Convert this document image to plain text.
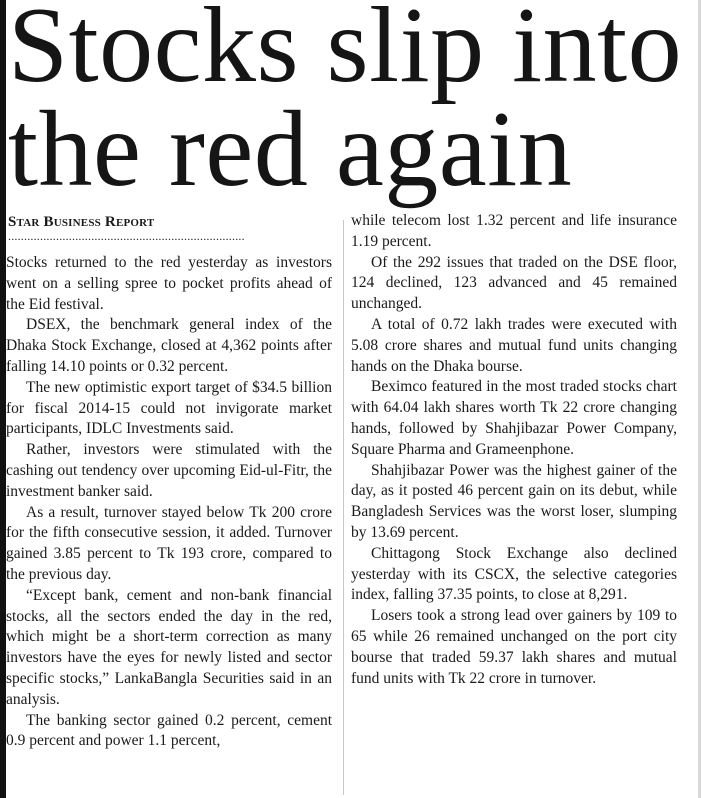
Stocks slip into
the red again
Star Business Report
..........................................................................

Stocks returned to the red yesterday as investors went on a selling spree to pocket profits ahead of the Eid festival.

DSEX, the benchmark general index of the Dhaka Stock Exchange, closed at 4,362 points after falling 14.10 points or 0.32 percent.

The new optimistic export target of $34.5 billion for fiscal 2014-15 could not invigorate market participants, IDLC Investments said.

Rather, investors were stimulated with the cashing out tendency over upcoming Eid-ul-Fitr, the investment banker said.

As a result, turnover stayed below Tk 200 crore for the fifth consecutive session, it added. Turnover gained 3.85 percent to Tk 193 crore, compared to the previous day.

“Except bank, cement and non-bank financial stocks, all the sectors ended the day in the red, which might be a short-term correction as many investors have the eyes for newly listed and sector specific stocks,” LankaBangla Securities said in an analysis.

The banking sector gained 0.2 percent, cement 0.9 percent and power 1.1 percent,

while telecom lost 1.32 percent and life insurance 1.19 percent.

Of the 292 issues that traded on the DSE floor, 124 declined, 123 advanced and 45 remained unchanged.

A total of 0.72 lakh trades were executed with 5.08 crore shares and mutual fund units changing hands on the Dhaka bourse.

Beximco featured in the most traded stocks chart with 64.04 lakh shares worth Tk 22 crore changing hands, followed by Shahjibazar Power Company, Square Pharma and Grameenphone.

Shahjibazar Power was the highest gainer of the day, as it posted 46 percent gain on its debut, while Bangladesh Services was the worst loser, slumping by 13.69 percent.

Chittagong Stock Exchange also declined yesterday with its CSCX, the selective categories index, falling 37.35 points, to close at 8,291.

Losers took a strong lead over gainers by 109 to 65 while 26 remained unchanged on the port city bourse that traded 59.37 lakh shares and mutual fund units with Tk 22 crore in turnover.
